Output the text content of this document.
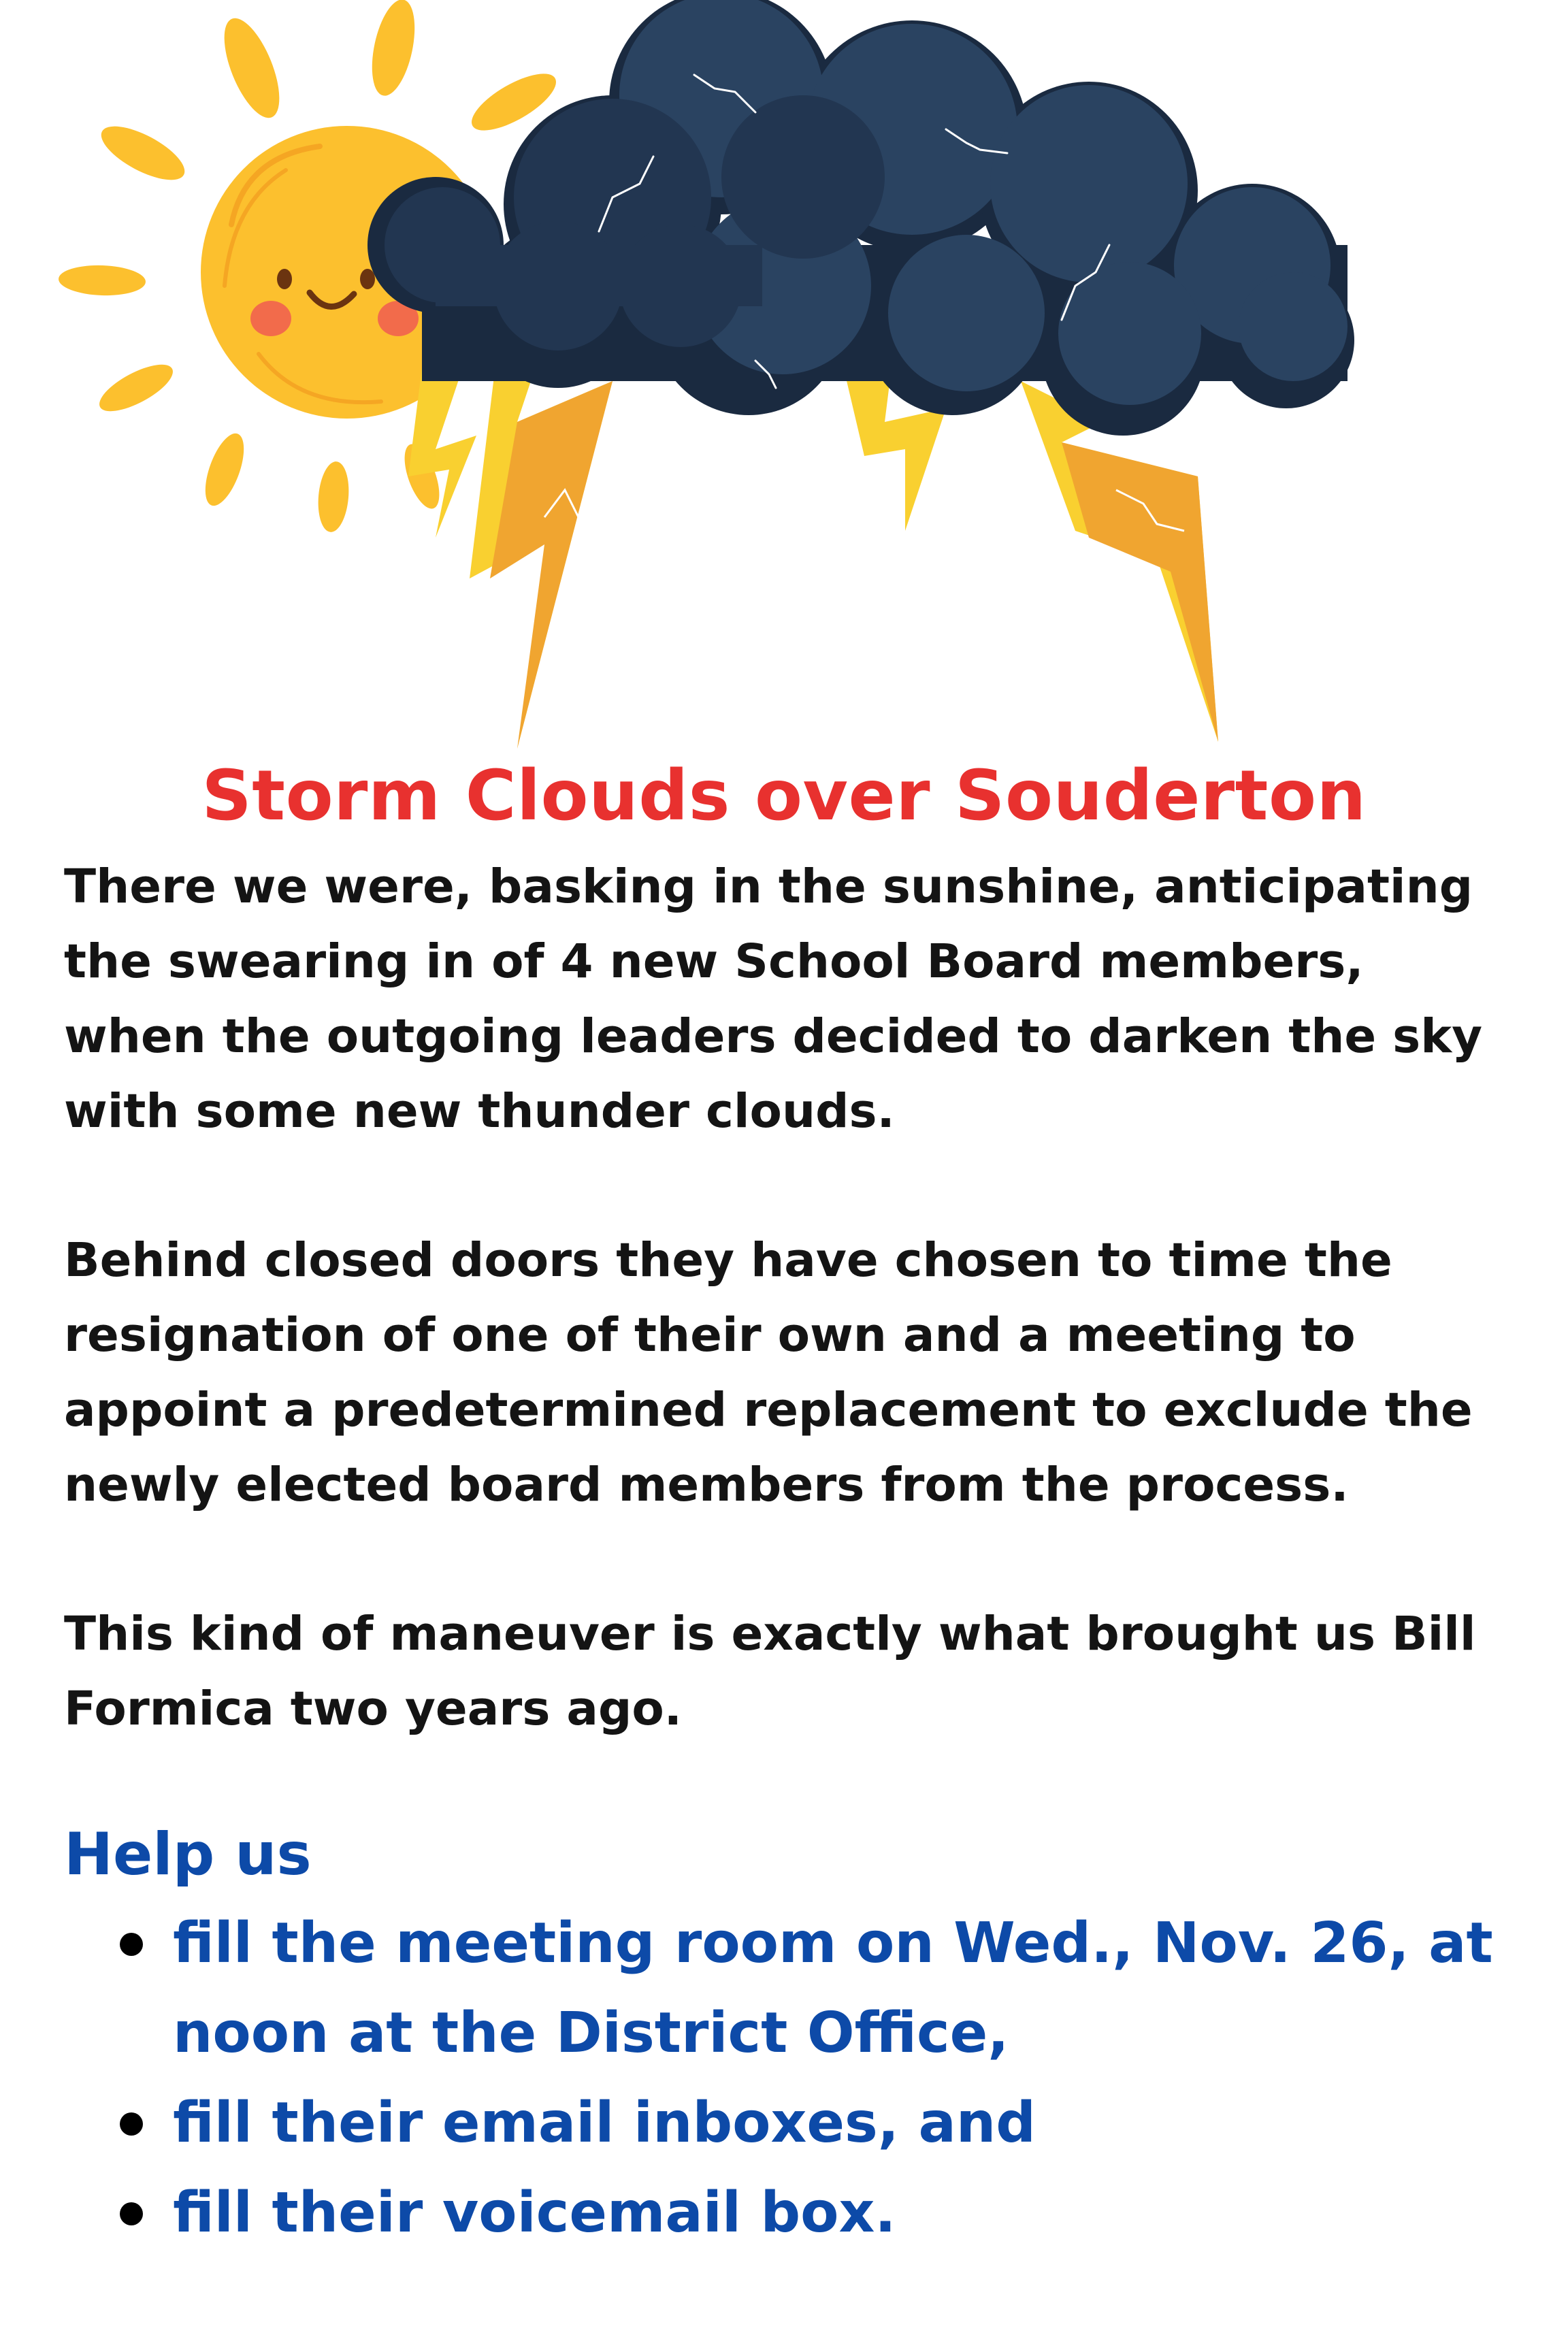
Storm Clouds over Souderton

There we were, basking in the sunshine, anticipating the swearing in of 4 new School Board members, when the outgoing leaders decided to darken the sky with some new thunder clouds.

Behind closed doors they have chosen to time the resignation of one of their own and a meeting to appoint a predetermined replacement to exclude the newly elected board members from the process.

This kind of maneuver is exactly what brought us Bill Formica two years ago.

Help us
fill the meeting room on Wed., Nov. 26, at noon at the District Office,
fill their email inboxes, and
fill their voicemail box.
